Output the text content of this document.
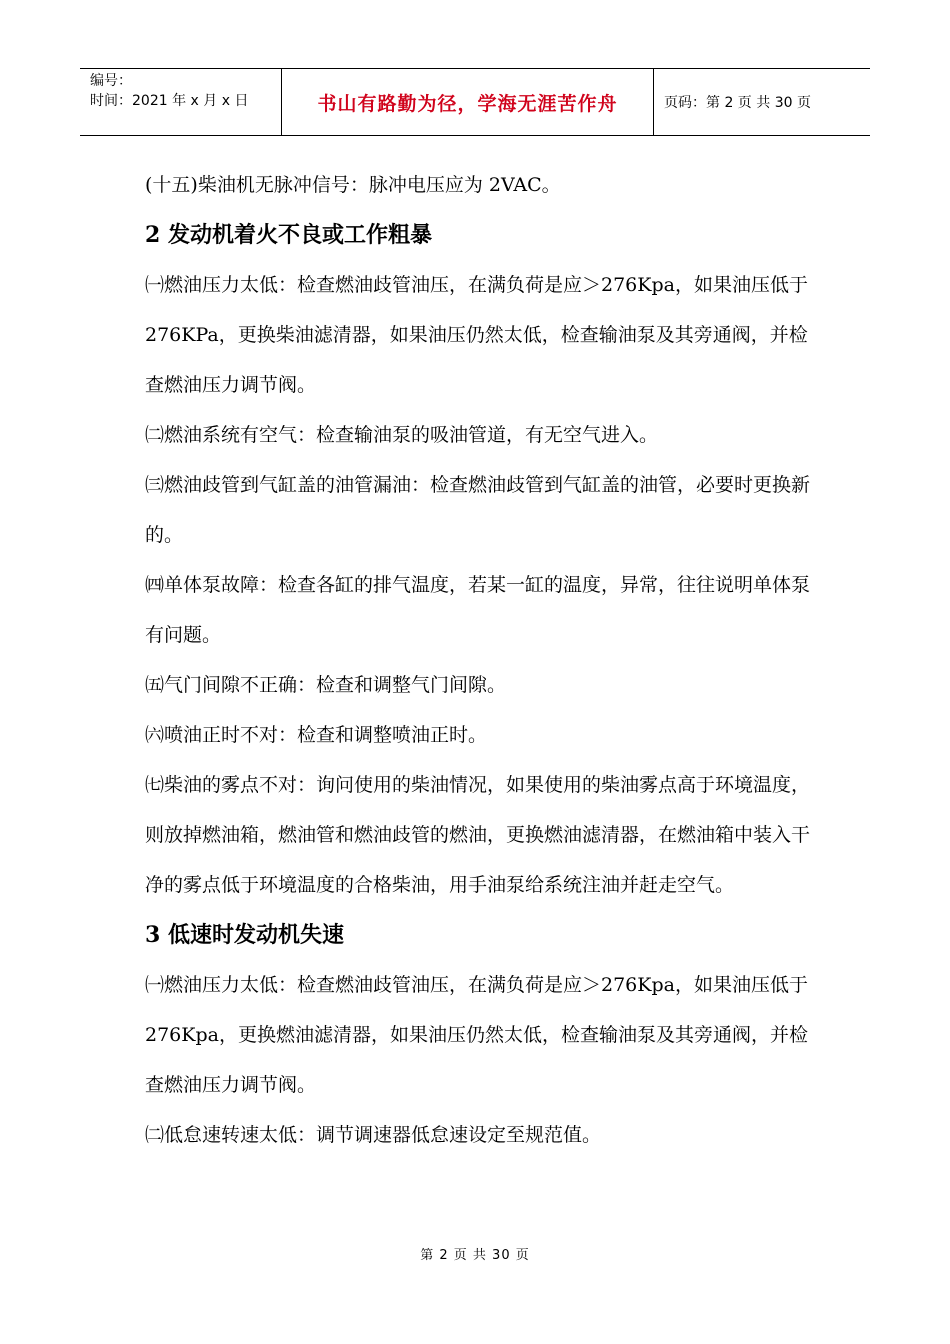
编号：
时间：2021 年 x 月 x 日	书山有路勤为径，学海无涯苦作舟	页码：第 2 页 共 30 页

(十五)柴油机无脉冲信号：脉冲电压应为 2VAC。

2 发动机着火不良或工作粗暴

㈠燃油压力太低：检查燃油歧管油压，在满负荷是应＞276Kpa，如果油压低于 276KPa，更换柴油滤清器，如果油压仍然太低，检查输油泵及其旁通阀，并检查燃油压力调节阀。

㈡燃油系统有空气：检查输油泵的吸油管道，有无空气进入。

㈢燃油歧管到气缸盖的油管漏油：检查燃油歧管到气缸盖的油管，必要时更换新的。

㈣单体泵故障：检查各缸的排气温度，若某一缸的温度，异常，往往说明单体泵有问题。

㈤气门间隙不正确：检查和调整气门间隙。

㈥喷油正时不对：检查和调整喷油正时。

㈦柴油的雾点不对：询问使用的柴油情况，如果使用的柴油雾点高于环境温度，则放掉燃油箱，燃油管和燃油歧管的燃油，更换燃油滤清器，在燃油箱中装入干净的雾点低于环境温度的合格柴油，用手油泵给系统注油并赶走空气。

3 低速时发动机失速

㈠燃油压力太低：检查燃油歧管油压，在满负荷是应＞276Kpa，如果油压低于 276Kpa，更换燃油滤清器，如果油压仍然太低，检查输油泵及其旁通阀，并检查燃油压力调节阀。

㈡低怠速转速太低：调节调速器低怠速设定至规范值。

第 2 页 共 30 页
